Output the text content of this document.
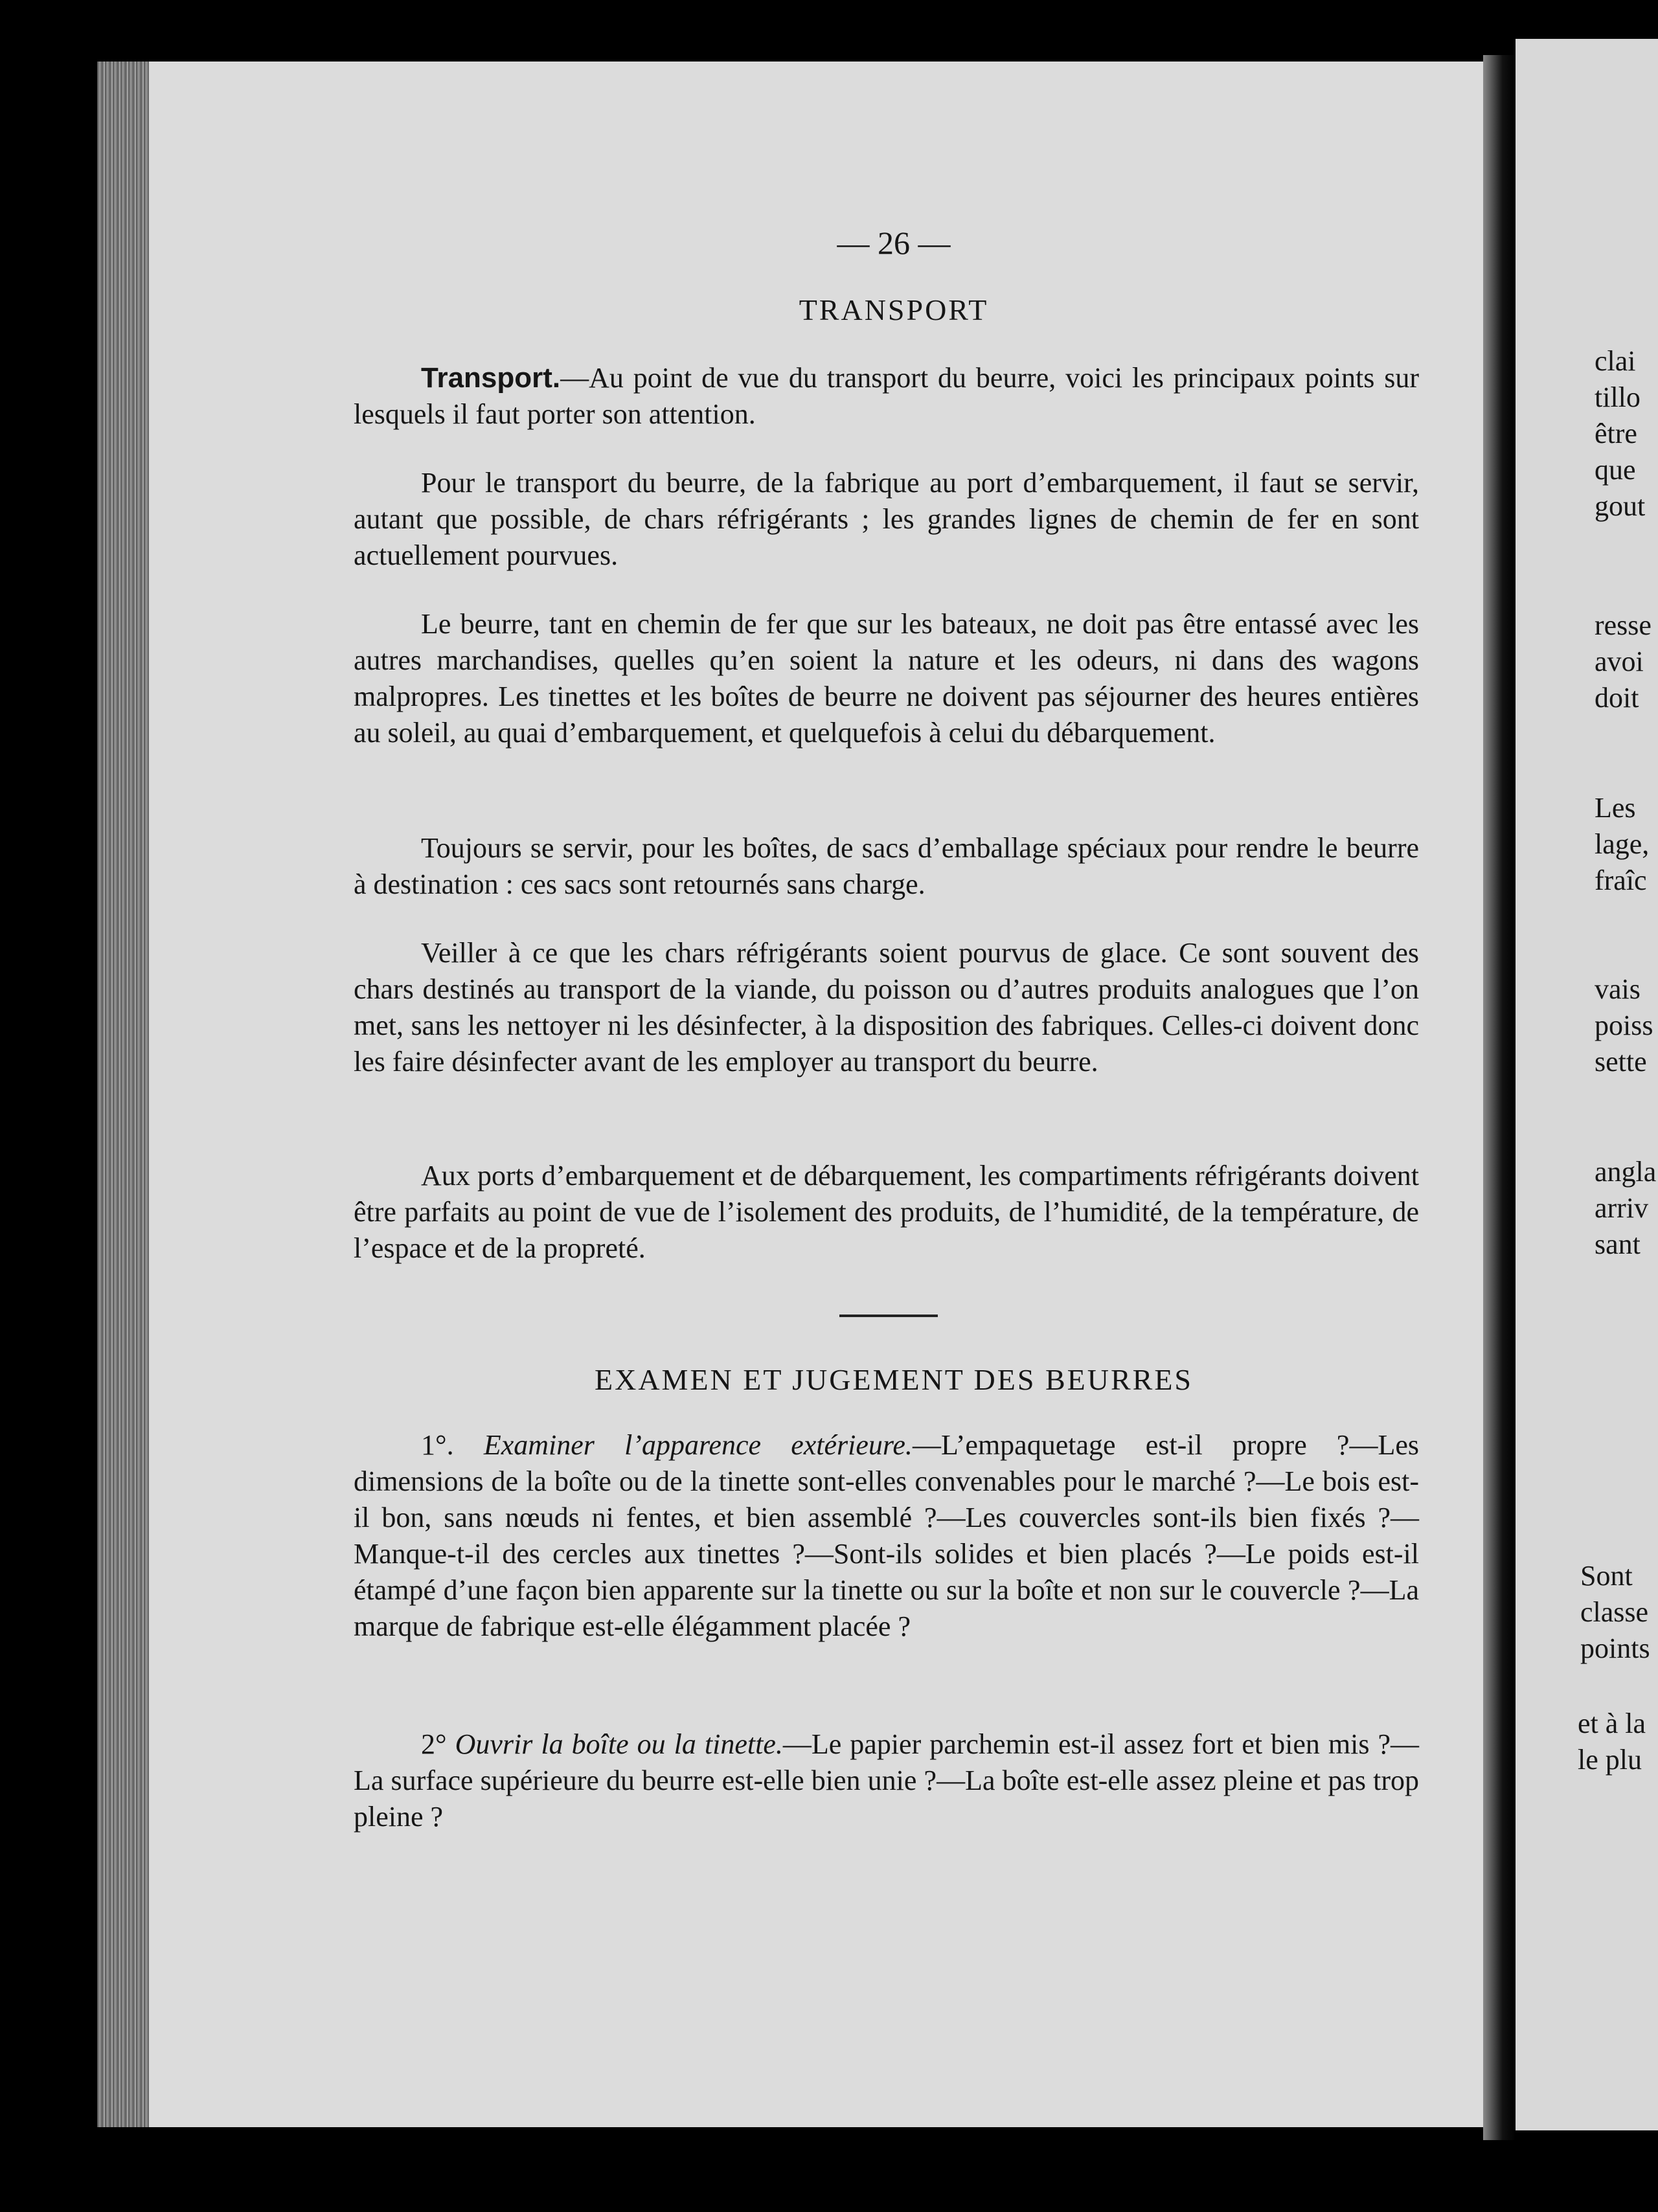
— 26 —
TRANSPORT

Transport.—Au point de vue du transport du beurre, voici les principaux points sur lesquels il faut porter son attention.

Pour le transport du beurre, de la fabrique au port d’embarquement, il faut se servir, autant que possible, de chars réfrigérants ; les grandes lignes de chemin de fer en sont actuellement pourvues.

Le beurre, tant en chemin de fer que sur les bateaux, ne doit pas être entassé avec les autres marchandises, quelles qu’en soient la nature et les odeurs, ni dans des wagons malpropres. Les tinettes et les boîtes de beurre ne doivent pas séjourner des heures entières au soleil, au quai d’embarquement, et quelquefois à celui du débarquement.

Toujours se servir, pour les boîtes, de sacs d’emballage spéciaux pour rendre le beurre à destination : ces sacs sont retournés sans charge.

Veiller à ce que les chars réfrigérants soient pourvus de glace. Ce sont souvent des chars destinés au transport de la viande, du poisson ou d’autres produits analogues que l’on met, sans les nettoyer ni les désinfecter, à la disposition des fabriques. Celles-ci doivent donc les faire désinfecter avant de les employer au transport du beurre.

Aux ports d’embarquement et de débarquement, les compartiments réfrigérants doivent être parfaits au point de vue de l’isolement des produits, de l’humidité, de la température, de l’espace et de la propreté.

EXAMEN ET JUGEMENT DES BEURRES

1°. Examiner l’apparence extérieure.—L’empaquetage est-il propre ?—Les dimensions de la boîte ou de la tinette sont-elles convenables pour le marché ?—Le bois est-il bon, sans nœuds ni fentes, et bien assemblé ?—Les couvercles sont-ils bien fixés ?—Manque-t-il des cercles aux tinettes ?—Sont-ils solides et bien placés ?—Le poids est-il étampé d’une façon bien apparente sur la tinette ou sur la boîte et non sur le couvercle ?—La marque de fabrique est-elle élégamment placée ?

2° Ouvrir la boîte ou la tinette.—Le papier parchemin est-il assez fort et bien mis ?—La surface supérieure du beurre est-elle bien unie ?—La boîte est-elle assez pleine et pas trop pleine ?

clai
tillo
être
que
gout
resse
avoi
doit
Les
lage,
fraîc
vais
poiss
sette
angla
arriv
sant
Sont
classe
points
et à la
le plu
